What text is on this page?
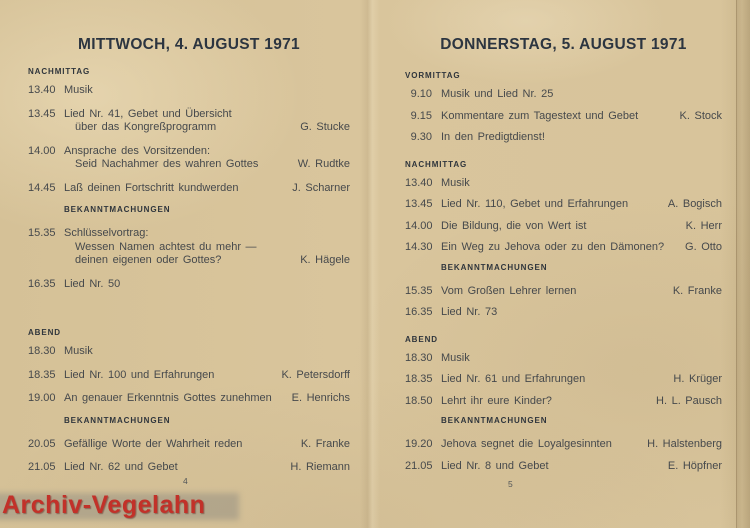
MITTWOCH, 4. AUGUST 1971
NACHMITTAG
13.40 Musik
13.45 Lied Nr. 41, Gebet und Übersicht
über das Kongreßprogramm	G. Stucke
14.00 Ansprache des Vorsitzenden:
Seid Nachahmer des wahren Gottes	W. Rudtke
14.45 Laß deinen Fortschritt kundwerden	J. Scharner
BEKANNTMACHUNGEN
15.35 Schlüsselvortrag:
Wessen Namen achtest du mehr —
deinen eigenen oder Gottes?	K. Hägele
16.35 Lied Nr. 50
ABEND
18.30 Musik
18.35 Lied Nr. 100 und Erfahrungen	K. Petersdorff
19.00 An genauer Erkenntnis Gottes zunehmen	E. Henrichs
BEKANNTMACHUNGEN
20.05 Gefällige Worte der Wahrheit reden	K. Franke
21.05 Lied Nr. 62 und Gebet	H. Riemann
DONNERSTAG, 5. AUGUST 1971
VORMITTAG
9.10 Musik und Lied Nr. 25
9.15 Kommentare zum Tagestext und Gebet	K. Stock
9.30 In den Predigtdienst!
NACHMITTAG
13.40 Musik
13.45 Lied Nr. 110, Gebet und Erfahrungen	A. Bogisch
14.00 Die Bildung, die von Wert ist	K. Herr
14.30 Ein Weg zu Jehova oder zu den Dämonen?	G. Otto
BEKANNTMACHUNGEN
15.35 Vom Großen Lehrer lernen	K. Franke
16.35 Lied Nr. 73
ABEND
18.30 Musik
18.35 Lied Nr. 61 und Erfahrungen	H. Krüger
18.50 Lehrt ihr eure Kinder?	H. L. Pausch
BEKANNTMACHUNGEN
19.20 Jehova segnet die Loyalgesinnten	H. Halstenberg
21.05 Lied Nr. 8 und Gebet	E. Höpfner
4	5
Archiv-Vegelahn
